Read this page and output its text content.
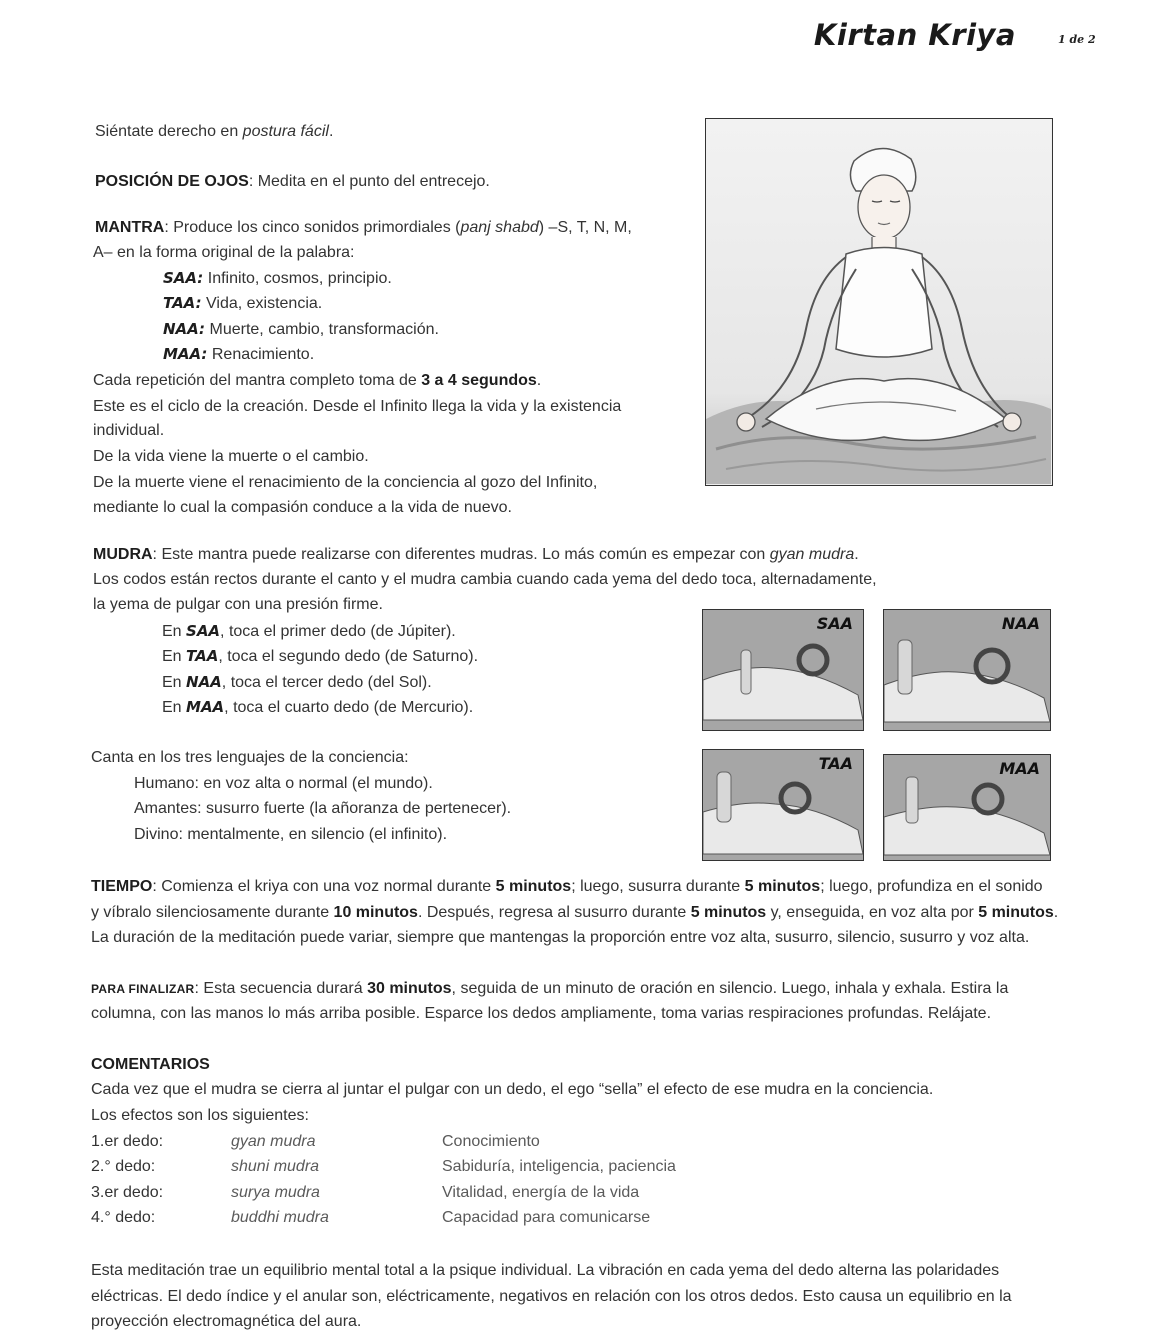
Kirtan Kriya	1 de 2
Siéntate derecho en postura fácil.
POSICIÓN DE OJOS: Medita en el punto del entrecejo.
MANTRA: Produce los cinco sonidos primordiales (panj shabd) –S, T, N, M,
A– en la forma original de la palabra:
SAA: Infinito, cosmos, principio.
TAA: Vida, existencia.
NAA: Muerte, cambio, transformación.
MAA: Renacimiento.
Cada repetición del mantra completo toma de 3 a 4 segundos.
Este es el ciclo de la creación. Desde el Infinito llega la vida y la existencia
individual.
De la vida viene la muerte o el cambio.
De la muerte viene el renacimiento de la conciencia al gozo del Infinito,
mediante lo cual la compasión conduce a la vida de nuevo.
MUDRA: Este mantra puede realizarse con diferentes mudras. Lo más común es empezar con gyan mudra.
Los codos están rectos durante el canto y el mudra cambia cuando cada yema del dedo toca, alternadamente,
la yema de pulgar con una presión firme.
En SAA, toca el primer dedo (de Júpiter).
En TAA, toca el segundo dedo (de Saturno).
En NAA, toca el tercer dedo (del Sol).
En MAA, toca el cuarto dedo (de Mercurio).
SAA	NAA
TAA	MAA
Canta en los tres lenguajes de la conciencia:
Humano: en voz alta o normal (el mundo).
Amantes: susurro fuerte (la añoranza de pertenecer).
Divino: mentalmente, en silencio (el infinito).
TIEMPO: Comienza el kriya con una voz normal durante 5 minutos; luego, susurra durante 5 minutos; luego, profundiza en el sonido
y víbralo silenciosamente durante 10 minutos. Después, regresa al susurro durante 5 minutos y, enseguida, en voz alta por 5 minutos.
La duración de la meditación puede variar, siempre que mantengas la proporción entre voz alta, susurro, silencio, susurro y voz alta.
PARA FINALIZAR: Esta secuencia durará 30 minutos, seguida de un minuto de oración en silencio. Luego, inhala y exhala. Estira la
columna, con las manos lo más arriba posible. Esparce los dedos ampliamente, toma varias respiraciones profundas. Relájate.
COMENTARIOS
Cada vez que el mudra se cierra al juntar el pulgar con un dedo, el ego “sella” el efecto de ese mudra en la conciencia.
Los efectos son los siguientes:
1.er dedo:	gyan mudra	Conocimiento
2.° dedo:	shuni mudra	Sabiduría, inteligencia, paciencia
3.er dedo:	surya mudra	Vitalidad, energía de la vida
4.° dedo:	buddhi mudra	Capacidad para comunicarse
Esta meditación trae un equilibrio mental total a la psique individual. La vibración en cada yema del dedo alterna las polaridades
eléctricas. El dedo índice y el anular son, eléctricamente, negativos en relación con los otros dedos. Esto causa un equilibrio en la
proyección electromagnética del aura.
